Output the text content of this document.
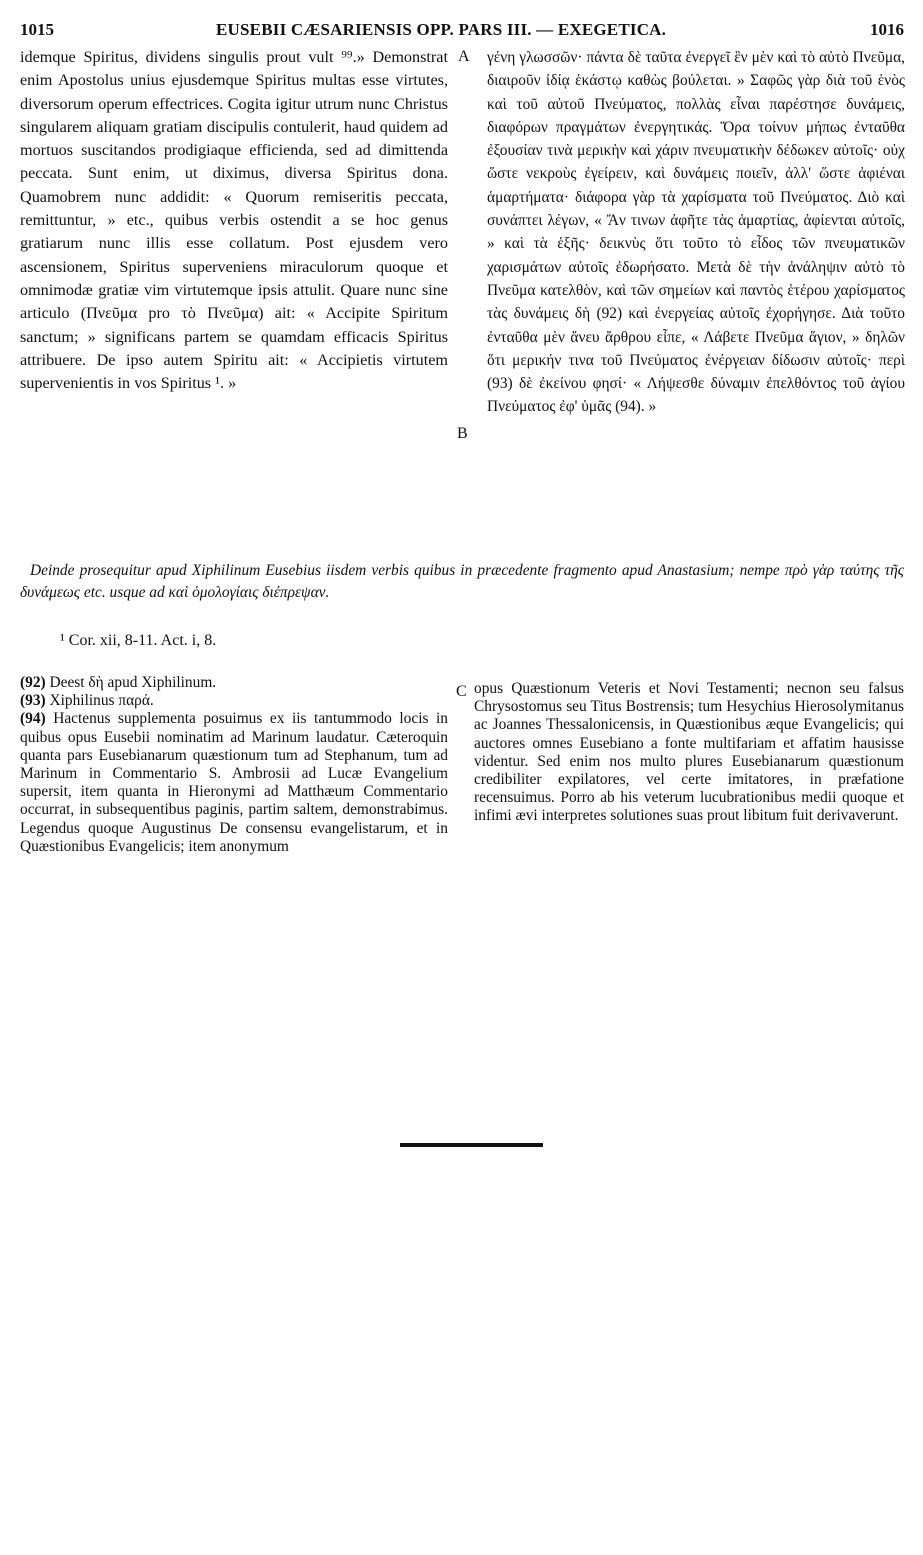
1015	EUSEBII CÆSARIENSIS OPP. PARS III. — EXEGETICA.	1016

idemque Spiritus, dividens singulis prout vult ⁹⁹.» Demonstrat enim Apostolus unius ejusdemque Spiritus multas esse virtutes, diversorum operum effectrices. Cogita igitur utrum nunc Christus singularem aliquam gratiam discipulis contulerit, haud quidem ad mortuos suscitandos prodigiaque efficienda, sed ad dimittenda peccata. Sunt enim, ut diximus, diversa Spiritus dona. Quamobrem nunc addidit: « Quorum remiseritis peccata, remittuntur, » etc., quibus verbis ostendit a se hoc genus gratiarum nunc illis esse collatum. Post ejusdem vero ascensionem, Spiritus superveniens miraculorum quoque et omnimodæ gratiæ vim virtutemque ipsis attulit. Quare nunc sine articulo (Πνεῦμα pro τὸ Πνεῦμα) ait: « Accipite Spiritum sanctum; » significans partem se quamdam efficacis Spiritus attribuere. De ipso autem Spiritu ait: « Accipietis virtutem supervenientis in vos Spiritus ¹. »

A
B

γένη γλωσσῶν· πάντα δὲ ταῦτα ἐνεργεῖ ἓν μὲν καὶ τὸ αὐτὸ Πνεῦμα, διαιροῦν ἰδίᾳ ἑκάστῳ καθὼς βούλεται. » Σαφῶς γὰρ διὰ τοῦ ἑνὸς καὶ τοῦ αὐτοῦ Πνεύματος, πολλὰς εἶναι παρέστησε δυνάμεις, διαφόρων πραγμάτων ἐνεργητικάς. Ὅρα τοίνυν μήπως ἐνταῦθα ἐξουσίαν τινὰ μερικὴν καὶ χάριν πνευματικὴν δέδωκεν αὐτοῖς· οὐχ ὥστε νεκροὺς ἐγείρειν, καὶ δυνάμεις ποιεῖν, ἀλλ' ὥστε ἀφιέναι ἁμαρτήματα· διάφορα γὰρ τὰ χαρίσματα τοῦ Πνεύματος. Διὸ καὶ συνάπτει λέγων, « Ἄν τινων ἀφῆτε τὰς ἁμαρτίας, ἀφίενται αὐτοῖς, » καὶ τὰ ἑξῆς· δεικνὺς ὅτι τοῦτο τὸ εἶδος τῶν πνευματικῶν χαρισμάτων αὐτοῖς ἐδωρήσατο. Μετὰ δὲ τὴν ἀνάληψιν αὐτὸ τὸ Πνεῦμα κατελθὸν, καὶ τῶν σημείων καὶ παντὸς ἑτέρου χαρίσματος τὰς δυνάμεις δὴ (92) καὶ ἐνεργείας αὐτοῖς ἐχορήγησε. Διὰ τοῦτο ἐνταῦθα μὲν ἄνευ ἄρθρου εἶπε, « Λάβετε Πνεῦμα ἅγιον, » δηλῶν ὅτι μερικήν τινα τοῦ Πνεύματος ἐνέργειαν δίδωσιν αὐτοῖς· περὶ (93) δὲ ἐκείνου φησί· « Λήψεσθε δύναμιν ἐπελθόντος τοῦ ἁγίου Πνεύματος ἐφ' ὑμᾶς (94). »

Deinde prosequitur apud Xiphilinum Eusebius iisdem verbis quibus in præcedente fragmento apud Anastasium; nempe πρὸ γὰρ ταύτης τῆς δυνάμεως etc. usque ad καὶ ὁμολογίαις διέπρεψαν.
¹ Cor. xii, 8-11. Act. i, 8.

(92) Deest δὴ apud Xiphilinum.

(93) Xiphilinus παρά.

(94) Hactenus supplementa posuimus ex iis tantummodo locis in quibus opus Eusebii nominatim ad Marinum laudatur. Cæteroquin quanta pars Eusebianarum quæstionum tum ad Stephanum, tum ad Marinum in Commentario S. Ambrosii ad Lucæ Evangelium supersit, item quanta in Hieronymi ad Matthæum Commentario occurrat, in subsequentibus paginis, partim saltem, demonstrabimus. Legendus quoque Augustinus De consensu evangelistarum, et in Quæstionibus Evangelicis; item anonymum

C opus Quæstionum Veteris et Novi Testamenti; necnon seu falsus Chrysostomus seu Titus Bostrensis; tum Hesychius Hierosolymitanus ac Joannes Thessalonicensis, in Quæstionibus æque Evangelicis; qui auctores omnes Eusebiano a fonte multifariam et affatim hausisse videntur. Sed enim nos multo plures Eusebianarum quæstionum credibiliter expilatores, vel certe imitatores, in præfatione recensuimus. Porro ab his veterum lucubrationibus medii quoque et infimi ævi interpretes solutiones suas prout libitum fuit derivaverunt.
